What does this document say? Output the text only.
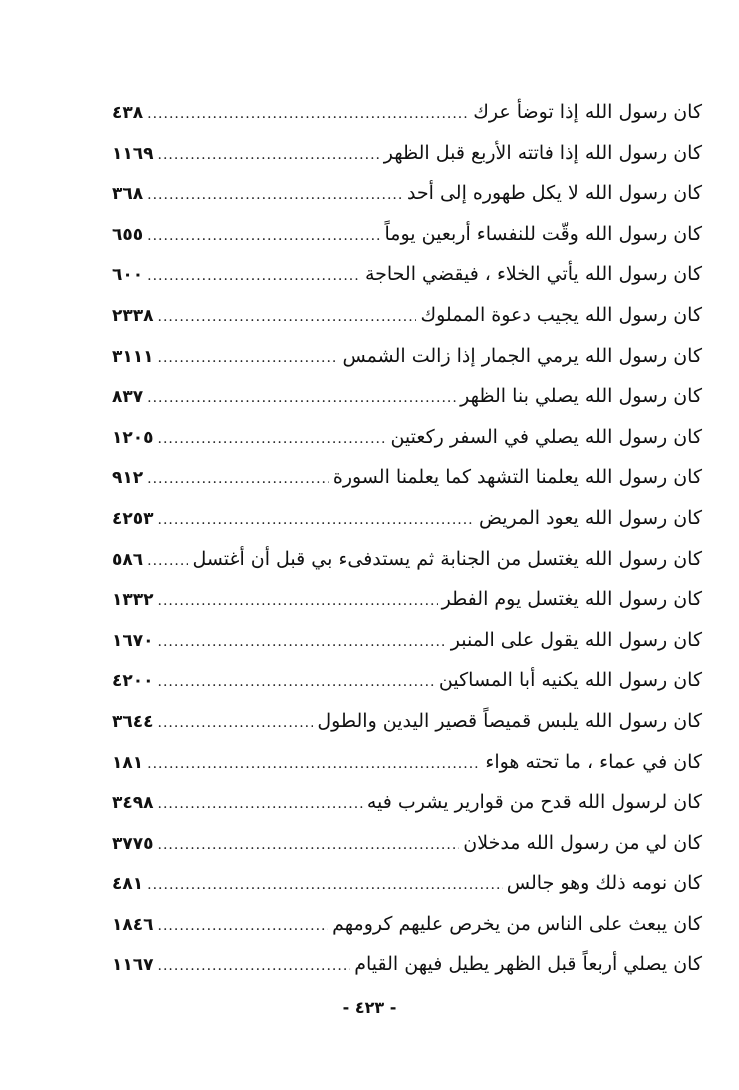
كان رسول الله إذا توضأ عرك
.....
٤٣٨
كان رسول الله إذا فاتته الأربع قبل الظهر
.....
١١٦٩
كان رسول الله لا يكل طهوره إلى أحد
.....
٣٦٨
كان رسول الله وقّت للنفساء أربعين يوماً
.....
٦٥٥
كان رسول الله يأتي الخلاء ، فيقضي الحاجة
.....
٦٠٠
كان رسول الله يجيب دعوة المملوك
.....
٢٣٣٨
كان رسول الله يرمي الجمار إذا زالت الشمس
.....
٣١١١
كان رسول الله يصلي بنا الظهر
.....
٨٣٧
كان رسول الله يصلي في السفر ركعتين
.....
١٢٠٥
كان رسول الله يعلمنا التشهد كما يعلمنا السورة
.....
٩١٢
كان رسول الله يعود المريض
.....
٤٢٥٣
كان رسول الله يغتسل من الجنابة ثم يستدفىء بي قبل أن أغتسل
.....
٥٨٦
كان رسول الله يغتسل يوم الفطر
.....
١٣٣٢
كان رسول الله يقول على المنبر
.....
١٦٧٠
كان رسول الله يكنيه أبا المساكين
.....
٤٢٠٠
كان رسول الله يلبس قميصاً قصير اليدين والطول
.....
٣٦٤٤
كان في عماء ، ما تحته هواء
.....
١٨١
كان لرسول الله قدح من قوارير يشرب فيه
.....
٣٤٩٨
كان لي من رسول الله مدخلان
.....
٣٧٧٥
كان نومه ذلك وهو جالس
.....
٤٨١
كان يبعث على الناس من يخرص عليهم كرومهم
.....
١٨٤٦
كان يصلي أربعاً قبل الظهر يطيل فيهن القيام
.....
١١٦٧
- ٤٢٣ -
